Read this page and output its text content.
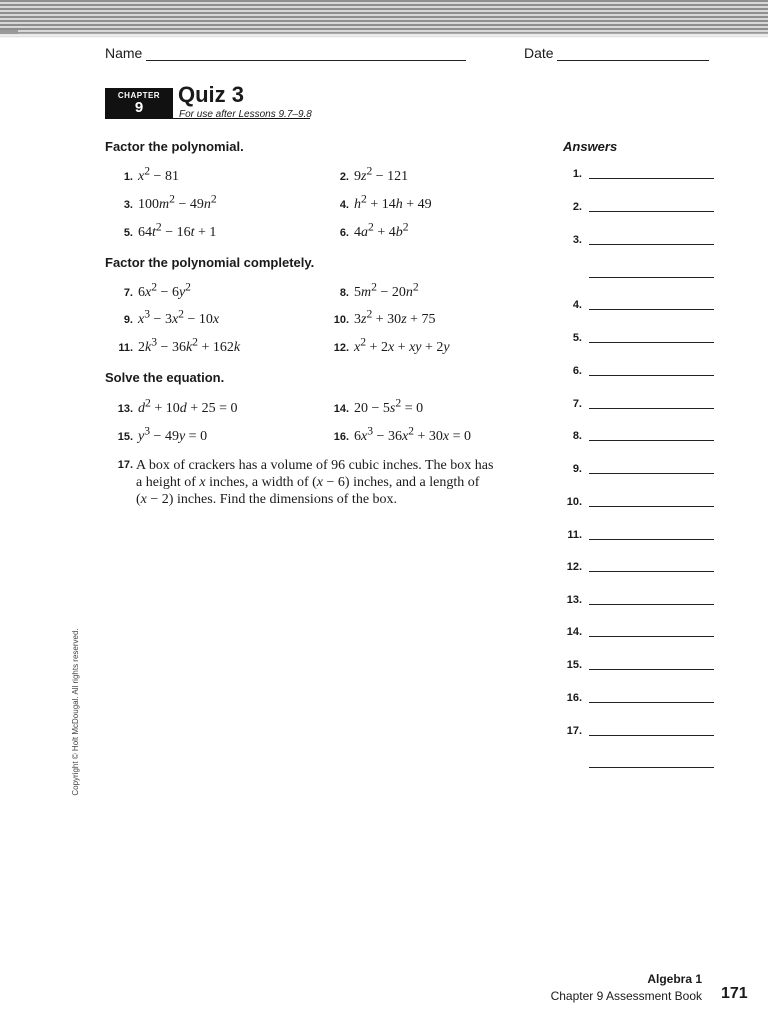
Name	Date
CHAPTER
9
Quiz 3
For use after Lessons 9.7–9.8
Factor the polynomial.
Factor the polynomial completely.
Solve the equation.
Answers
1. $x^2 - 81$	2. $9z^2 - 121$
3. $100m^2 - 49n^2$	4. $h^2 + 14h + 49$
5. $64t^2 - 16t + 1$	6. $4a^2 + 4b^2$
7. $6x^2 - 6y^2$	8. $5m^2 - 20n^2$
9. $x^3 - 3x^2 - 10x$	10. $3z^2 + 30z + 75$
11. $2k^3 - 36k^2 + 162k$	12. $x^2 + 2x$ + xy + 2y
13. $d^2 + 10d + 25 = 0$	14. $20 - 5s^2 = 0$
15. $y^3 - 49y = 0$	16. $6x^3 - 36x^2 + 30x = 0$
17. A box of crackers has a volume of 96 cubic inches. The box has
a height of x inches, a width of (x − 6) inches, and a length of
(x − 2) inches. Find the dimensions of the box.
1.
2.
3.
4.
5.
6.
7.
8.
9.
10.
11.
12.
13.
14.
15.
16.
17.
Copyright © Holt McDougal. All rights reserved.
Algebra 1
Chapter 9 Assessment Book 171
